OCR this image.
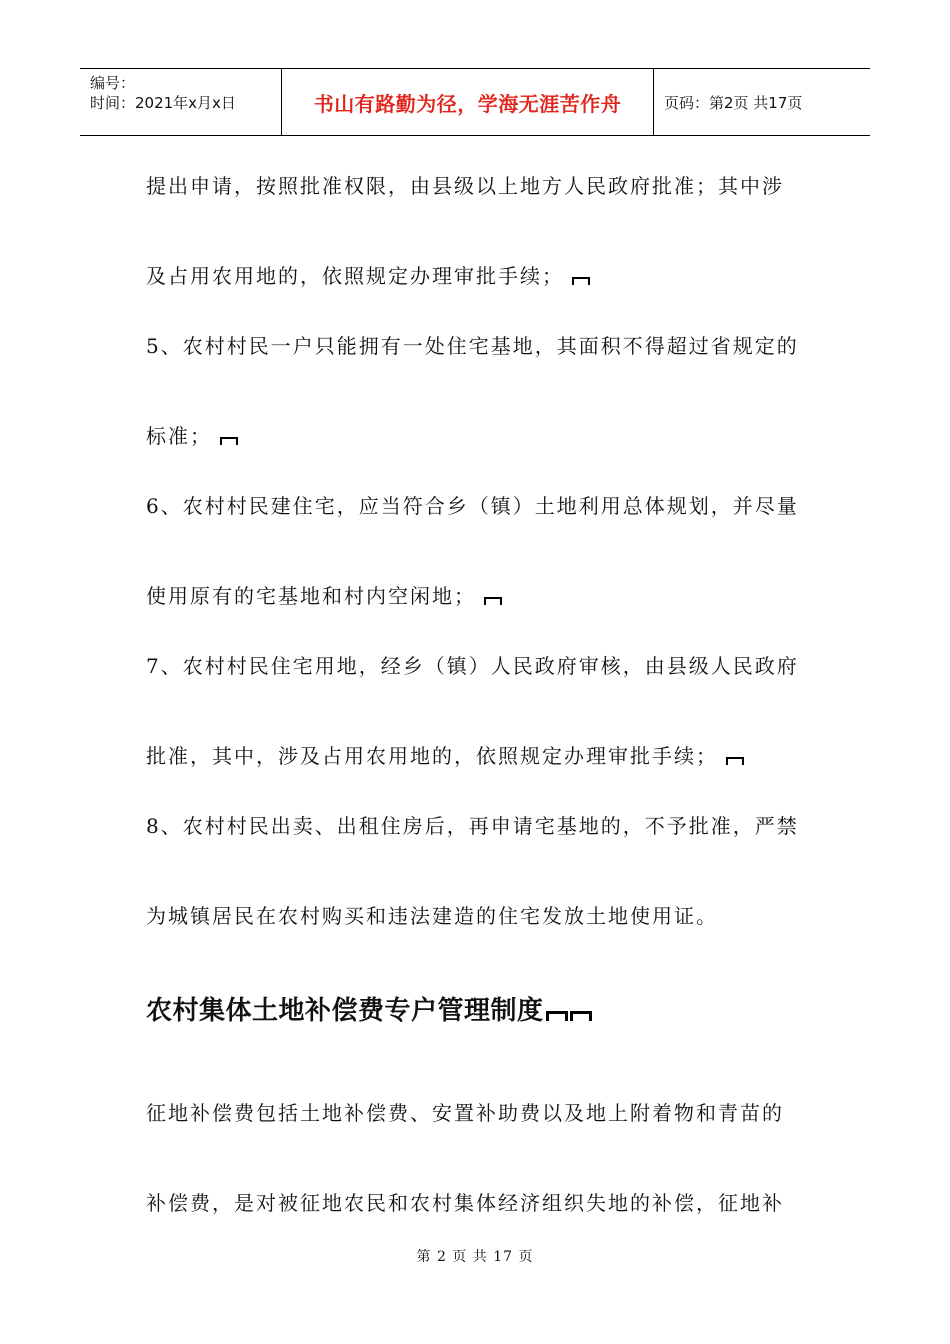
编号：
时间：2021年x月x日	书山有路勤为径，学海无涯苦作舟	页码：第2页 共17页
提出申请，按照批准权限，由县级以上地方人民政府批准；其中涉
及占用农用地的，依照规定办理审批手续；
5、农村村民一户只能拥有一处住宅基地，其面积不得超过省规定的
标准；
6、农村村民建住宅，应当符合乡（镇）土地利用总体规划，并尽量
使用原有的宅基地和村内空闲地；
7、农村村民住宅用地，经乡（镇）人民政府审核，由县级人民政府
批准，其中，涉及占用农用地的，依照规定办理审批手续；
8、农村村民出卖、出租住房后，再申请宅基地的，不予批准，严禁
为城镇居民在农村购买和违法建造的住宅发放土地使用证。
农村集体土地补偿费专户管理制度
征地补偿费包括土地补偿费、安置补助费以及地上附着物和青苗的
补偿费，是对被征地农民和农村集体经济组织失地的补偿，征地补
第 2 页 共 17 页
